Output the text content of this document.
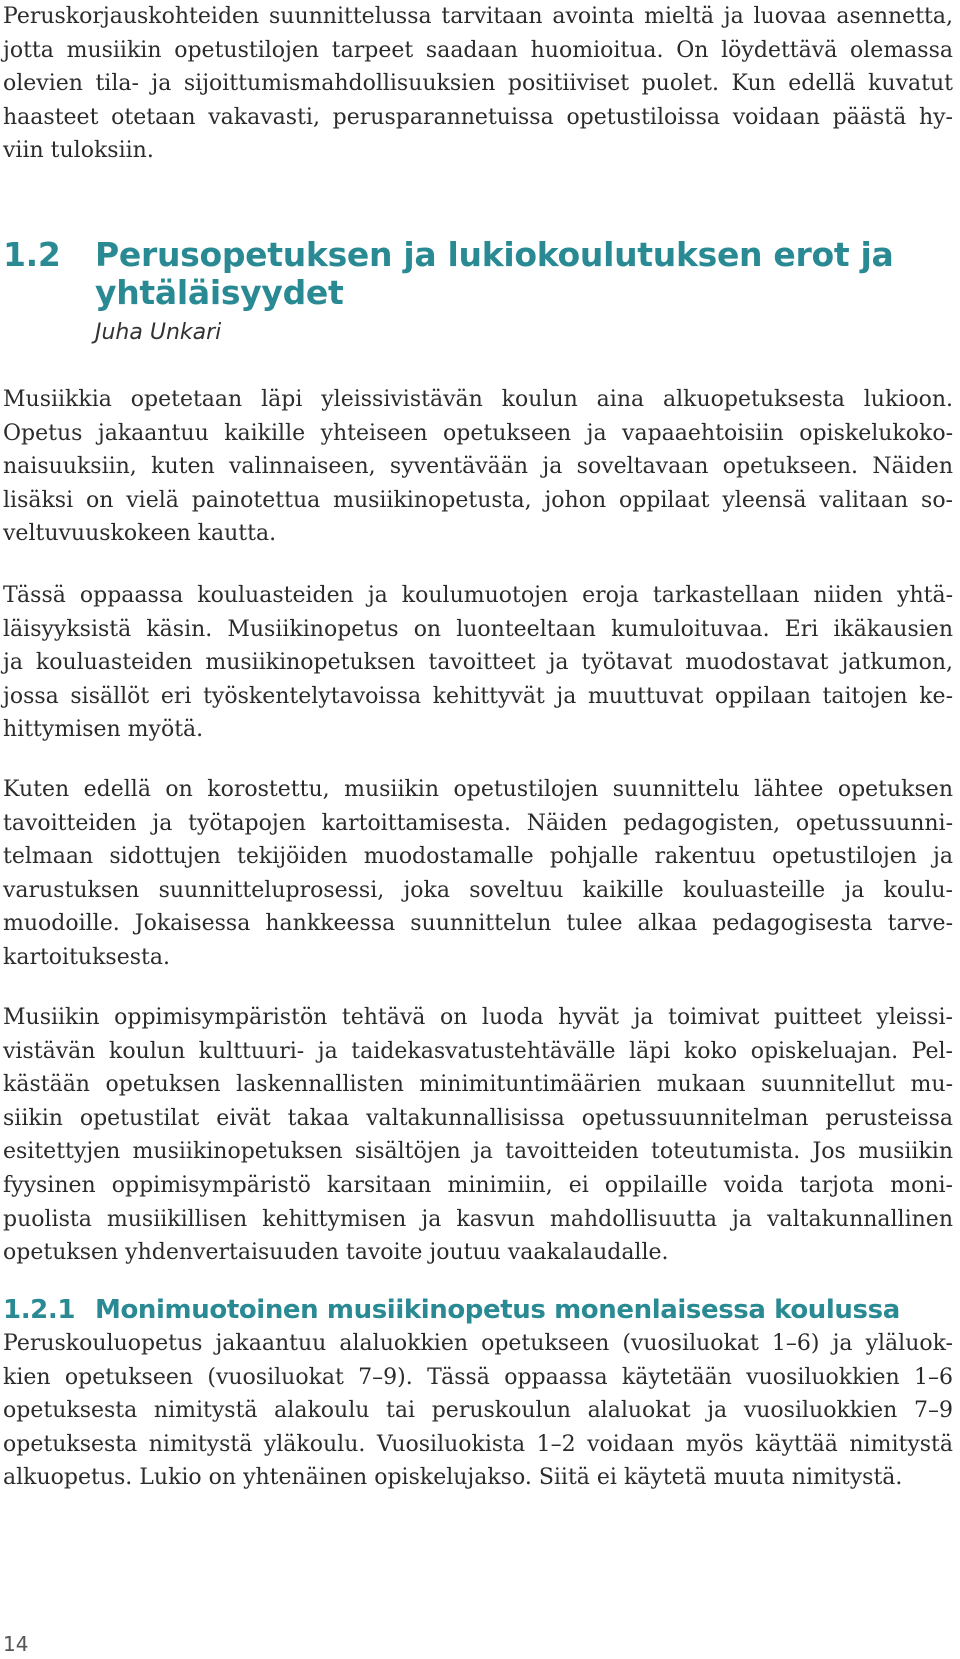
Peruskorjauskohteiden suunnittelussa tarvitaan avointa mieltä ja luovaa asennetta,
jotta musiikin opetustilojen tarpeet saadaan huomioitua. On löydettävä olemassa
olevien tila- ja sijoittumismahdollisuuksien positiiviset puolet. Kun edellä kuvatut
haasteet otetaan vakavasti, perusparannetuissa opetustiloissa voidaan päästä hy-
viin tuloksiin.

1.2 Perusopetuksen ja lukiokoulutuksen erot ja
yhtäläisyydet
Juha Unkari

Musiikkia opetetaan läpi yleissivistävän koulun aina alkuopetuksesta lukioon.
Opetus jakaantuu kaikille yhteiseen opetukseen ja vapaaehtoisiin opiskelukoko-
naisuuksiin, kuten valinnaiseen, syventävään ja soveltavaan opetukseen. Näiden
lisäksi on vielä painotettua musiikinopetusta, johon oppilaat yleensä valitaan so-
veltuvuuskokeen kautta.

Tässä oppaassa kouluasteiden ja koulumuotojen eroja tarkastellaan niiden yhtä-
läisyyksistä käsin. Musiikinopetus on luonteeltaan kumuloituvaa. Eri ikäkausien
ja kouluasteiden musiikinopetuksen tavoitteet ja työtavat muodostavat jatkumon,
jossa sisällöt eri työskentelytavoissa kehittyvät ja muuttuvat oppilaan taitojen ke-
hittymisen myötä.

Kuten edellä on korostettu, musiikin opetustilojen suunnittelu lähtee opetuksen
tavoitteiden ja työtapojen kartoittamisesta. Näiden pedagogisten, opetussuunni-
telmaan sidottujen tekijöiden muodostamalle pohjalle rakentuu opetustilojen ja
varustuksen suunnitteluprosessi, joka soveltuu kaikille kouluasteille ja koulu-
muodoille. Jokaisessa hankkeessa suunnittelun tulee alkaa pedagogisesta tarve-
kartoituksesta.

Musiikin oppimisympäristön tehtävä on luoda hyvät ja toimivat puitteet yleissi-
vistävän koulun kulttuuri- ja taidekasvatustehtävälle läpi koko opiskeluajan. Pel-
kästään opetuksen laskennallisten minimituntimäärien mukaan suunnitellut mu-
siikin opetustilat eivät takaa valtakunnallisissa opetussuunnitelman perusteissa
esitettyjen musiikinopetuksen sisältöjen ja tavoitteiden toteutumista. Jos musiikin
fyysinen oppimisympäristö karsitaan minimiin, ei oppilaille voida tarjota moni-
puolista musiikillisen kehittymisen ja kasvun mahdollisuutta ja valtakunnallinen
opetuksen yhdenvertaisuuden tavoite joutuu vaakalaudalle.

1.2.1 Monimuotoinen musiikinopetus monenlaisessa koulussa

Peruskouluopetus jakaantuu alaluokkien opetukseen (vuosiluokat 1–6) ja yläluok-
kien opetukseen (vuosiluokat 7–9). Tässä oppaassa käytetään vuosiluokkien 1–6
opetuksesta nimitystä alakoulu tai peruskoulun alaluokat ja vuosiluokkien 7–9
opetuksesta nimitystä yläkoulu. Vuosiluokista 1–2 voidaan myös käyttää nimitystä
alkuopetus. Lukio on yhtenäinen opiskelujakso. Siitä ei käytetä muuta nimitystä.

14
